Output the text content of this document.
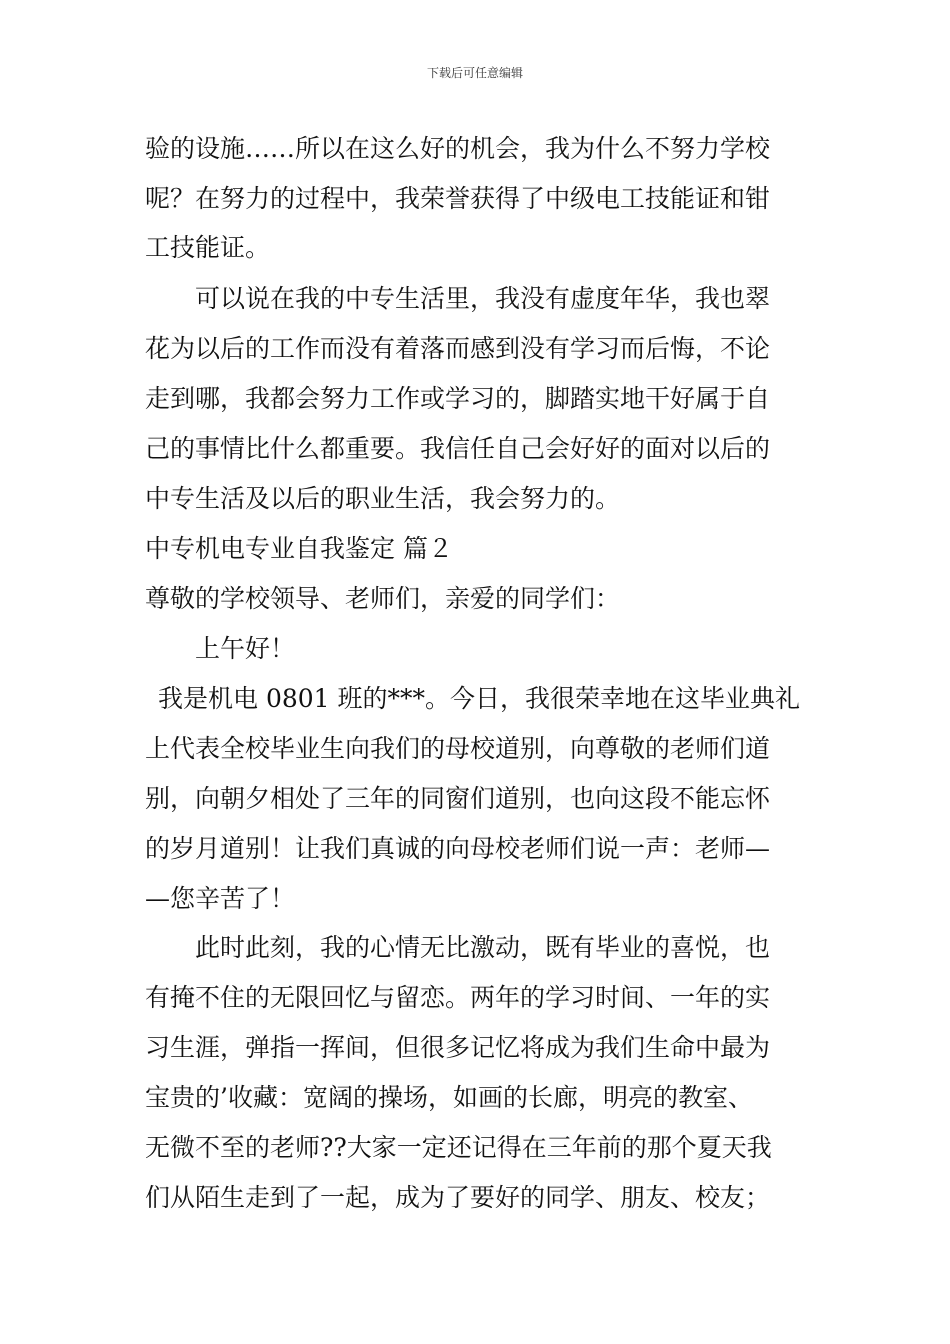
下载后可任意编辑
验的设施……所以在这么好的机会，我为什么不努力学校
呢？在努力的过程中，我荣誉获得了中级电工技能证和钳
工技能证。
可以说在我的中专生活里，我没有虚度年华，我也翠
花为以后的工作而没有着落而感到没有学习而后悔，不论
走到哪，我都会努力工作或学习的，脚踏实地干好属于自
己的事情比什么都重要。我信任自己会好好的面对以后的
中专生活及以后的职业生活，我会努力的。
中专机电专业自我鉴定 篇２
尊敬的学校领导、老师们，亲爱的同学们：
上午好！
我是机电 0801 班的***。今日，我很荣幸地在这毕业典礼
上代表全校毕业生向我们的母校道别，向尊敬的老师们道
别，向朝夕相处了三年的同窗们道别，也向这段不能忘怀
的岁月道别！让我们真诚的向母校老师们说一声：老师—
—您辛苦了！
此时此刻，我的心情无比激动，既有毕业的喜悦，也
有掩不住的无限回忆与留恋。两年的学习时间、一年的实
习生涯，弹指一挥间，但很多记忆将成为我们生命中最为
宝贵的’收藏：宽阔的操场，如画的长廊，明亮的教室、
无微不至的老师??大家一定还记得在三年前的那个夏天我
们从陌生走到了一起，成为了要好的同学、朋友、校友；
